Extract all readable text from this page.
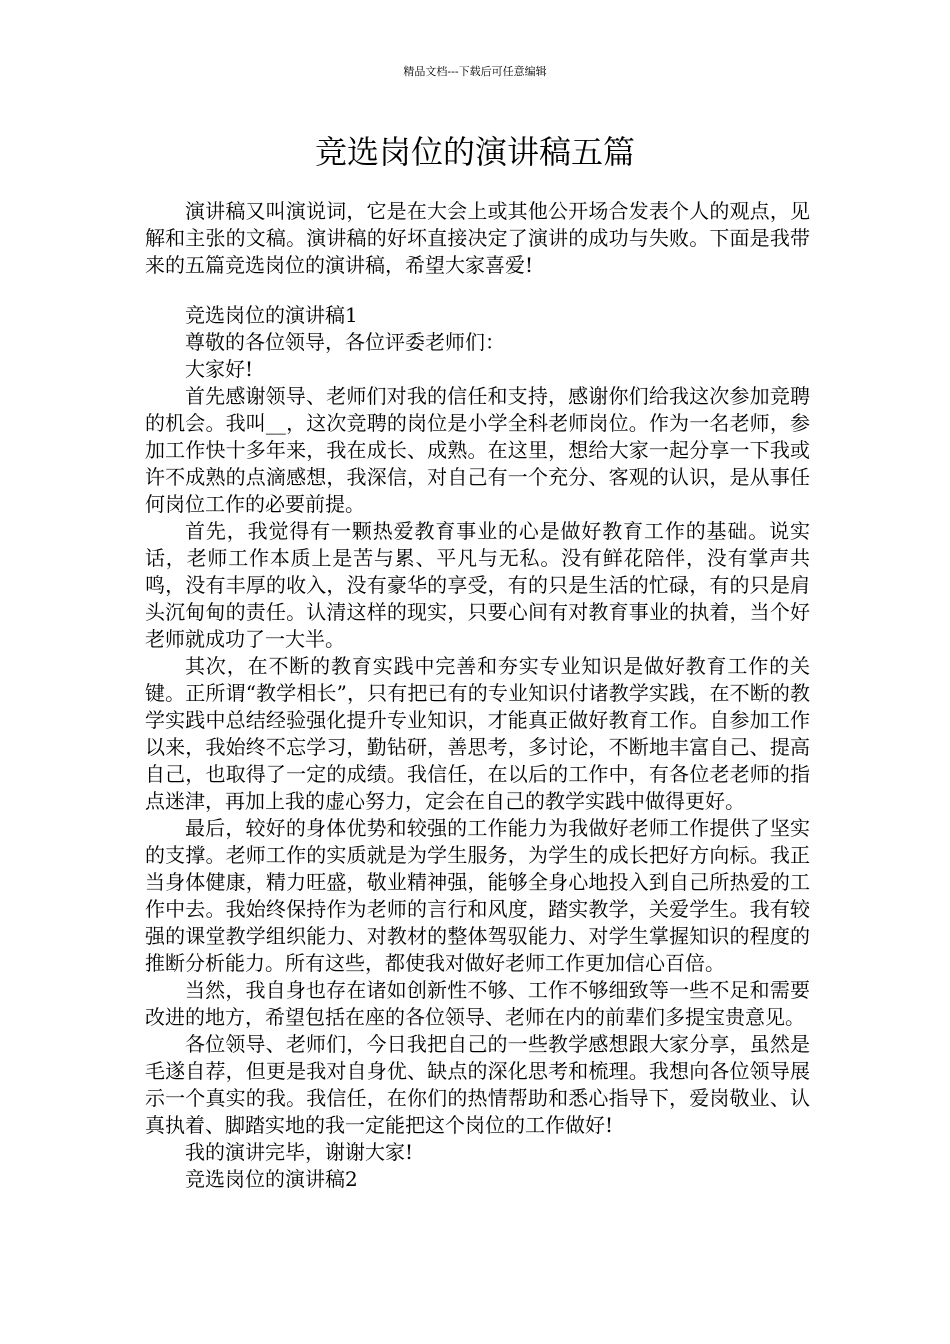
精品文档---下载后可任意编辑
竞选岗位的演讲稿五篇

演讲稿又叫演说词，它是在大会上或其他公开场合发表个人的观点，见解和主张的文稿。演讲稿的好坏直接决定了演讲的成功与失败。下面是我带来的五篇竞选岗位的演讲稿，希望大家喜爱!

竞选岗位的演讲稿1

尊敬的各位领导，各位评委老师们：

大家好!

首先感谢领导、老师们对我的信任和支持，感谢你们给我这次参加竞聘的机会。我叫__，这次竞聘的岗位是小学全科老师岗位。作为一名老师，参加工作快十多年来，我在成长、成熟。在这里，想给大家一起分享一下我或许不成熟的点滴感想，我深信，对自己有一个充分、客观的认识，是从事任何岗位工作的必要前提。

首先，我觉得有一颗热爱教育事业的心是做好教育工作的基础。说实话，老师工作本质上是苦与累、平凡与无私。没有鲜花陪伴，没有掌声共鸣，没有丰厚的收入，没有豪华的享受，有的只是生活的忙碌，有的只是肩头沉甸甸的责任。认清这样的现实，只要心间有对教育事业的执着，当个好老师就成功了一大半。

其次，在不断的教育实践中完善和夯实专业知识是做好教育工作的关键。正所谓“教学相长”，只有把已有的专业知识付诸教学实践，在不断的教学实践中总结经验强化提升专业知识，才能真正做好教育工作。自参加工作以来，我始终不忘学习，勤钻研，善思考，多讨论，不断地丰富自己、提高自己，也取得了一定的成绩。我信任，在以后的工作中，有各位老老师的指点迷津，再加上我的虚心努力，定会在自己的教学实践中做得更好。

最后，较好的身体优势和较强的工作能力为我做好老师工作提供了坚实的支撑。老师工作的实质就是为学生服务，为学生的成长把好方向标。我正当身体健康，精力旺盛，敬业精神强，能够全身心地投入到自己所热爱的工作中去。我始终保持作为老师的言行和风度，踏实教学，关爱学生。我有较强的课堂教学组织能力、对教材的整体驾驭能力、对学生掌握知识的程度的推断分析能力。所有这些，都使我对做好老师工作更加信心百倍。

当然，我自身也存在诸如创新性不够、工作不够细致等一些不足和需要改进的地方，希望包括在座的各位领导、老师在内的前辈们多提宝贵意见。

各位领导、老师们，今日我把自己的一些教学感想跟大家分享，虽然是毛遂自荐，但更是我对自身优、缺点的深化思考和梳理。我想向各位领导展示一个真实的我。我信任，在你们的热情帮助和悉心指导下，爱岗敬业、认真执着、脚踏实地的我一定能把这个岗位的工作做好!

我的演讲完毕，谢谢大家!

竞选岗位的演讲稿2
